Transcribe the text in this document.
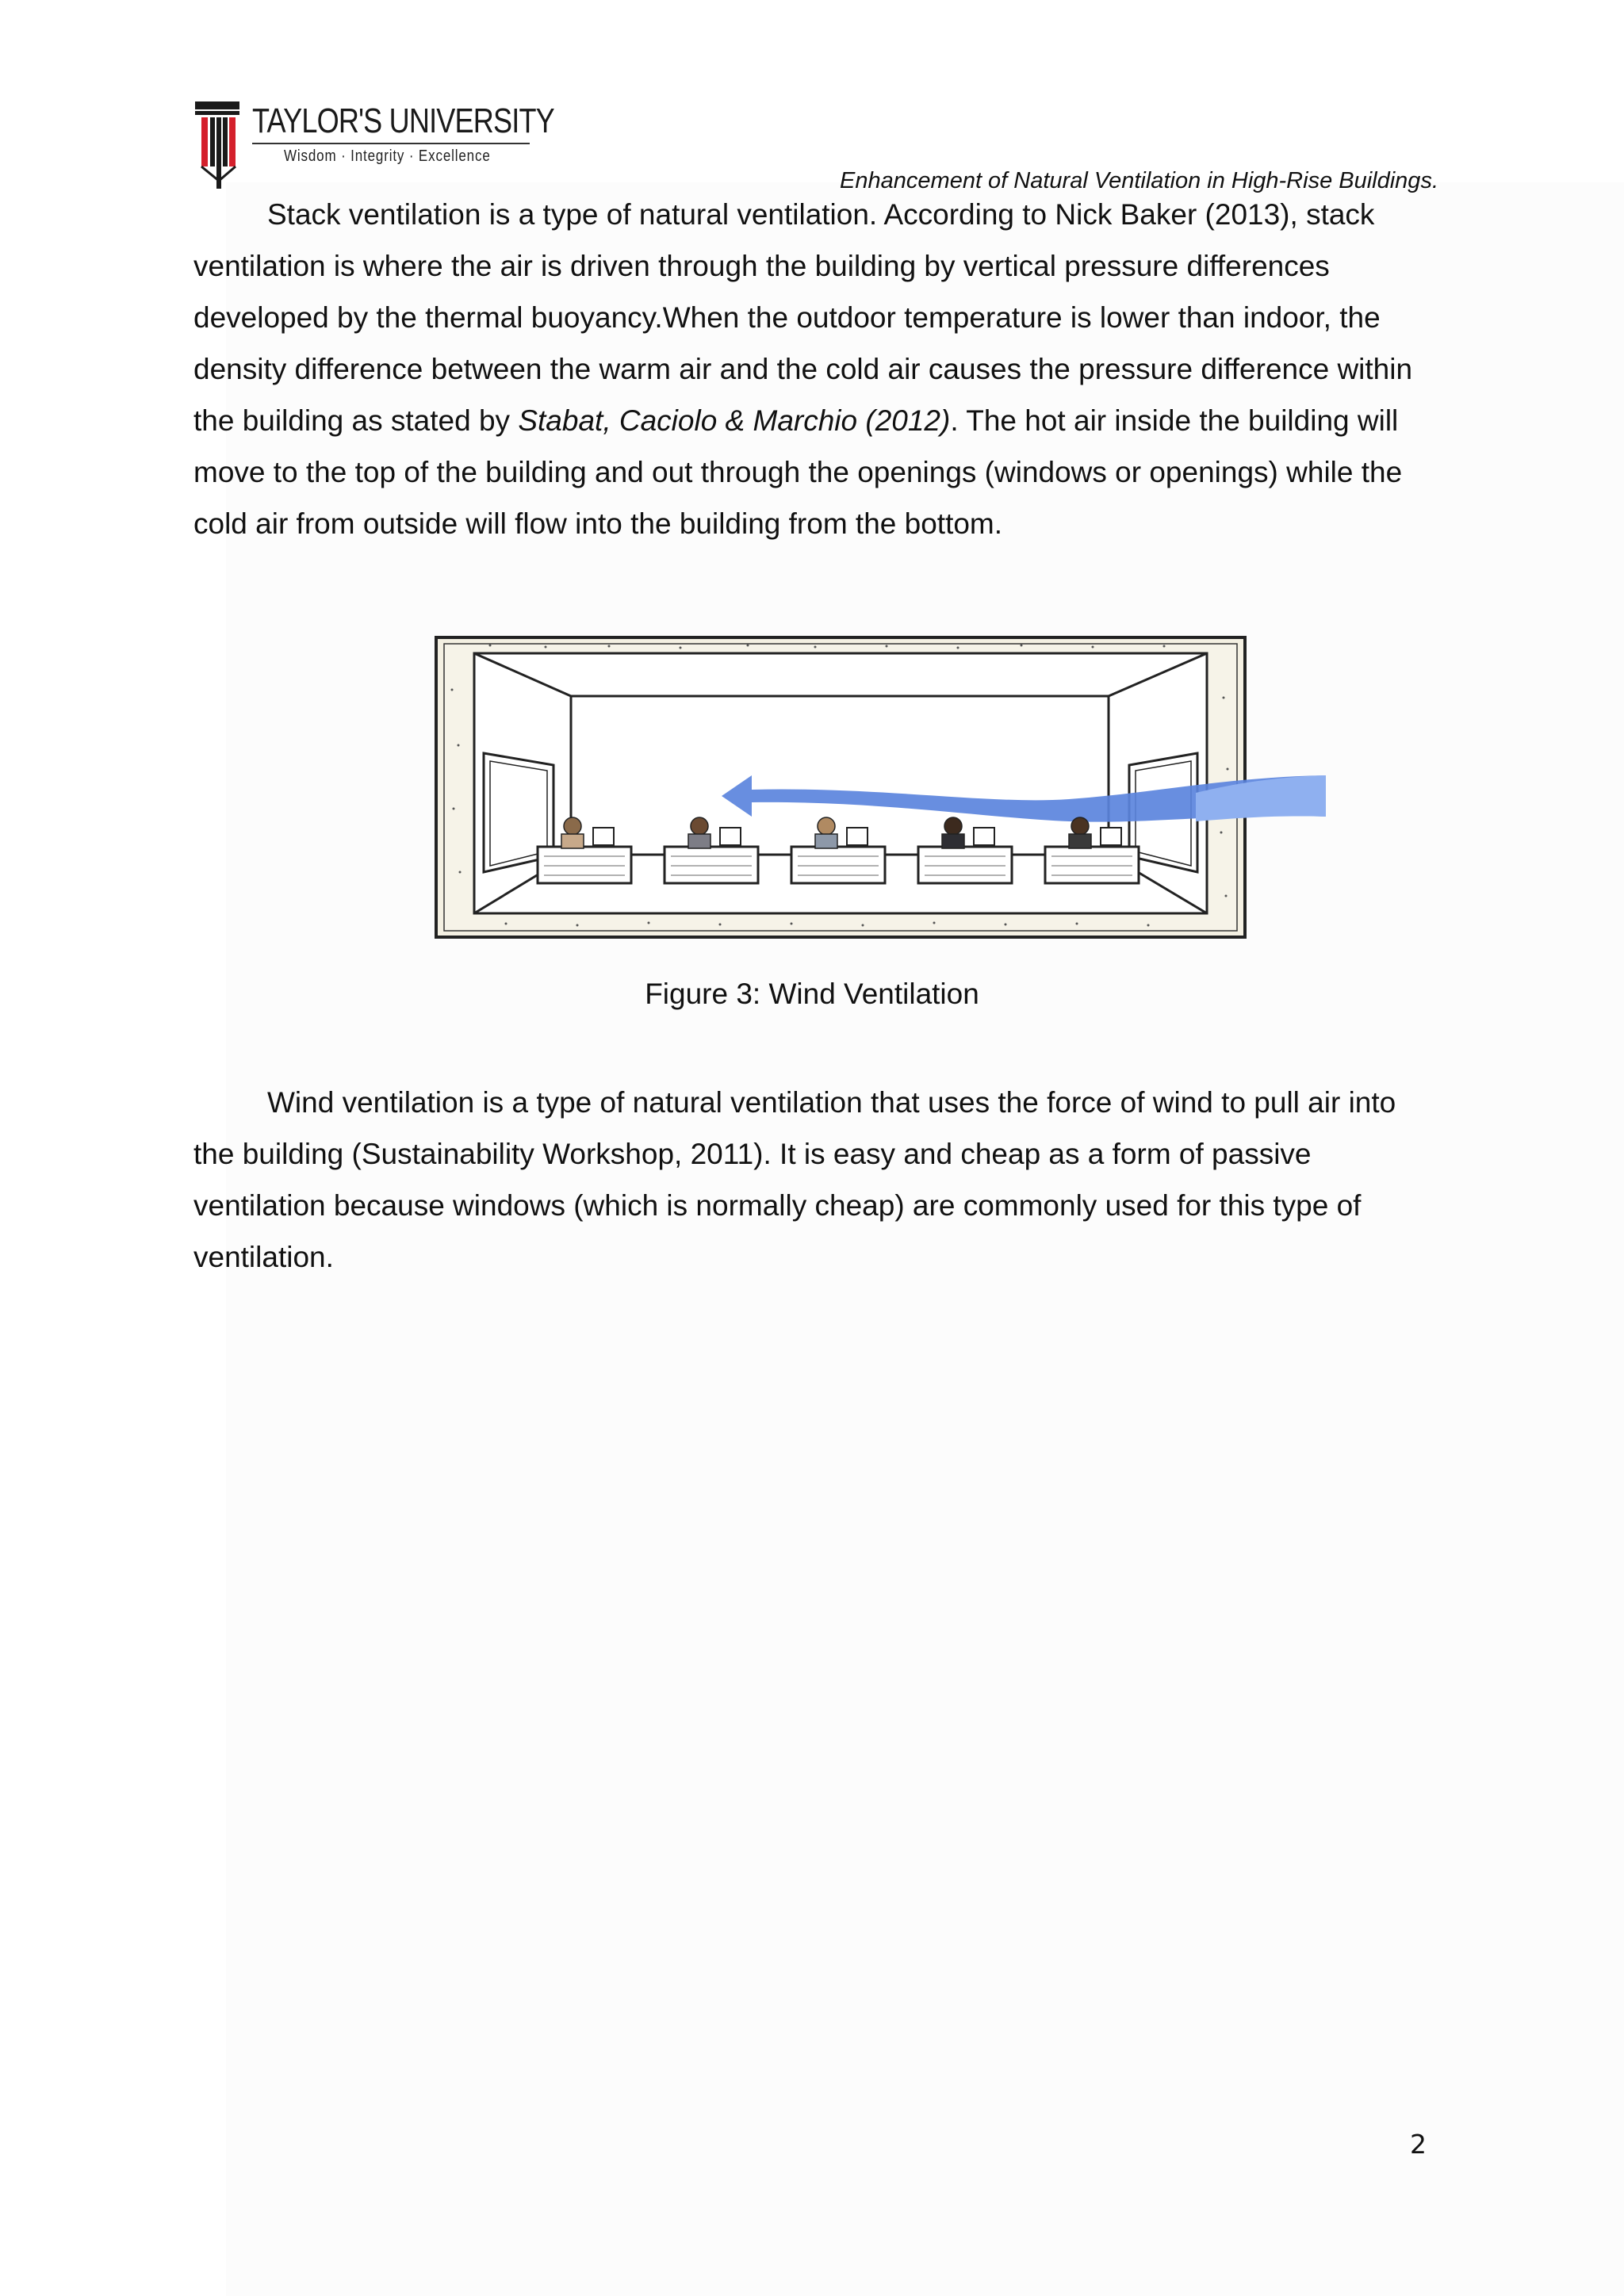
TAYLOR'S UNIVERSITY
Wisdom · Integrity · Excellence
Enhancement of Natural Ventilation in High-Rise Buildings.

Stack ventilation is a type of natural ventilation. According to Nick Baker (2013), stack ventilation is where the air is driven through the building by vertical pressure differences developed by the thermal buoyancy.When the outdoor temperature is lower than indoor, the density difference between the warm air and the cold air causes the pressure difference within the building as stated by Stabat, Caciolo & Marchio (2012). The hot air inside the building will move to the top of the building and out through the openings (windows or openings) while the cold air from outside will flow into the building from the bottom.

Figure 3: Wind Ventilation

Wind ventilation is a type of natural ventilation that uses the force of wind to pull air into the building (Sustainability Workshop, 2011). It is easy and cheap as a form of passive ventilation because windows (which is normally cheap) are commonly used for this type of ventilation.

2
